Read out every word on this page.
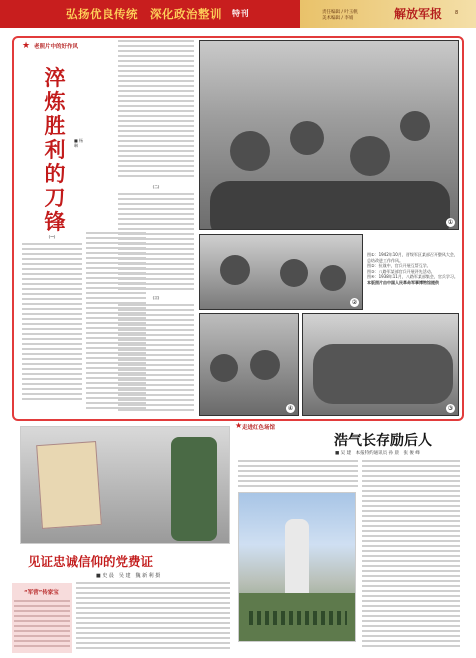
弘扬优良传统　深化政治整训 特刊	责任编辑 / 叶玉帆
美术编辑 / 李娟	解放军报	8
★ 老照片中的好作风
淬炼胜利的刀锋
■ 杨 琳
（一）
（二）
（三）
①
②
④	③
图①：1942年10月，晋绥军区某部召开整风大会，总结改进工作作风。
图②：抗战中，官兵开展互帮互学。
图③：八路军某部官兵开展评先活动。
图④：1938年11月，八路军某部集会，官兵学习。
本版照片由中国人民革命军事博物馆提供
见证忠诚信仰的党费证
■ 史 晨　吴 建　魏 新 利 摄
“军营”传家宝
★ 走进红色场馆
浩气长存励后人
■ 吴 建　本报特约通讯员 孙 晨　张 俊 峰
